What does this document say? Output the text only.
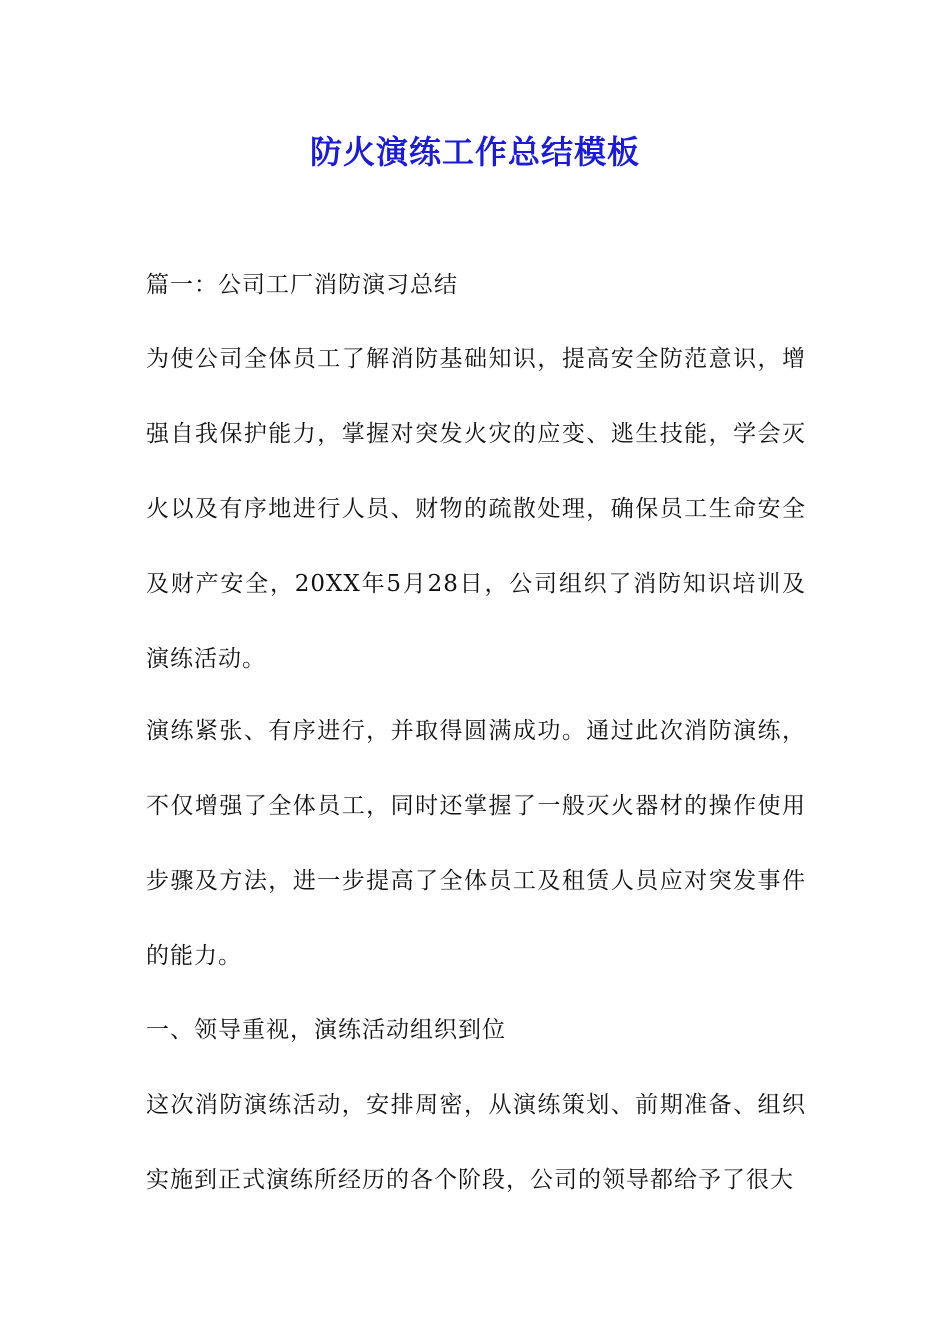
防火演练工作总结模板

篇一：公司工厂消防演习总结

为使公司全体员工了解消防基础知识，提高安全防范意识，增强自我保护能力，掌握对突发火灾的应变、逃生技能，学会灭火以及有序地进行人员、财物的疏散处理，确保员工生命安全及财产安全，20XX年5月28日，公司组织了消防知识培训及演练活动。

演练紧张、有序进行，并取得圆满成功。通过此次消防演练，不仅增强了全体员工，同时还掌握了一般灭火器材的操作使用步骤及方法，进一步提高了全体员工及租赁人员应对突发事件的能力。

一、领导重视，演练活动组织到位

这次消防演练活动，安排周密，从演练策划、前期准备、组织实施到正式演练所经历的各个阶段，公司的领导都给予了很大
